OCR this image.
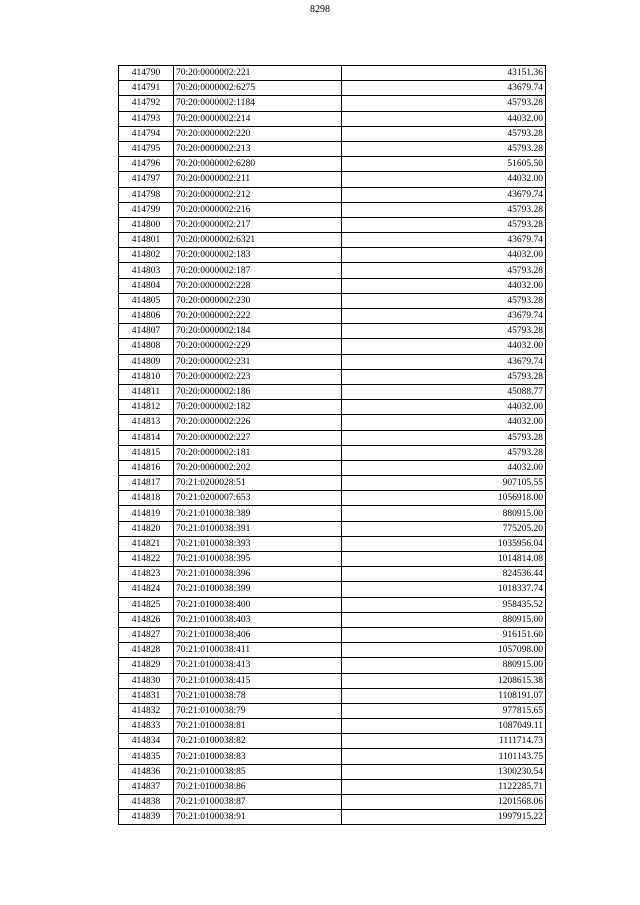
8298
414790	70:20:0000002:221	43151.36
414791	70:20:0000002:6275	43679.74
414792	70:20:0000002:1184	45793.28
414793	70:20:0000002:214	44032.00
414794	70:20:0000002:220	45793.28
414795	70:20:0000002:213	45793.28
414796	70:20:0000002:6280	51605.50
414797	70:20:0000002:211	44032.00
414798	70:20:0000002:212	43679.74
414799	70:20:0000002:216	45793.28
414800	70:20:0000002:217	45793.28
414801	70:20:0000002:6321	43679.74
414802	70:20:0000002:183	44032.00
414803	70:20:0000002:187	45793.28
414804	70:20:0000002:228	44032.00
414805	70:20:0000002:230	45793.28
414806	70:20:0000002:222	43679.74
414807	70:20:0000002:184	45793.28
414808	70:20:0000002:229	44032.00
414809	70:20:0000002:231	43679.74
414810	70:20:0000002:223	45793.28
414811	70:20:0000002:186	45088.77
414812	70:20:0000002:182	44032.00
414813	70:20:0000002:226	44032.00
414814	70:20:0000002:227	45793.28
414815	70:20:0000002:181	45793.28
414816	70:20:0000002:202	44032.00
414817	70:21:0200028:51	907105.55
414818	70:21:0200007:653	1056918.00
414819	70:21:0100038:389	880915.00
414820	70:21:0100038:391	775205.20
414821	70:21:0100038:393	1035956.04
414822	70:21:0100038:395	1014814.08
414823	70:21:0100038:396	824536.44
414824	70:21:0100038:399	1018337.74
414825	70:21:0100038:400	958435.52
414826	70:21:0100038:403	880915.00
414827	70:21:0100038:406	916151.60
414828	70:21:0100038:411	1057098.00
414829	70:21:0100038:413	880915.00
414830	70:21:0100038:415	1208615.38
414831	70:21:0100038:78	1108191.07
414832	70:21:0100038:79	977815.65
414833	70:21:0100038:81	1087049.11
414834	70:21:0100038:82	1111714.73
414835	70:21:0100038:83	1101143.75
414836	70:21:0100038:85	1300230.54
414837	70:21:0100038:86	1122285.71
414838	70:21:0100038:87	1201568.06
414839	70:21:0100038:91	1997915.22
